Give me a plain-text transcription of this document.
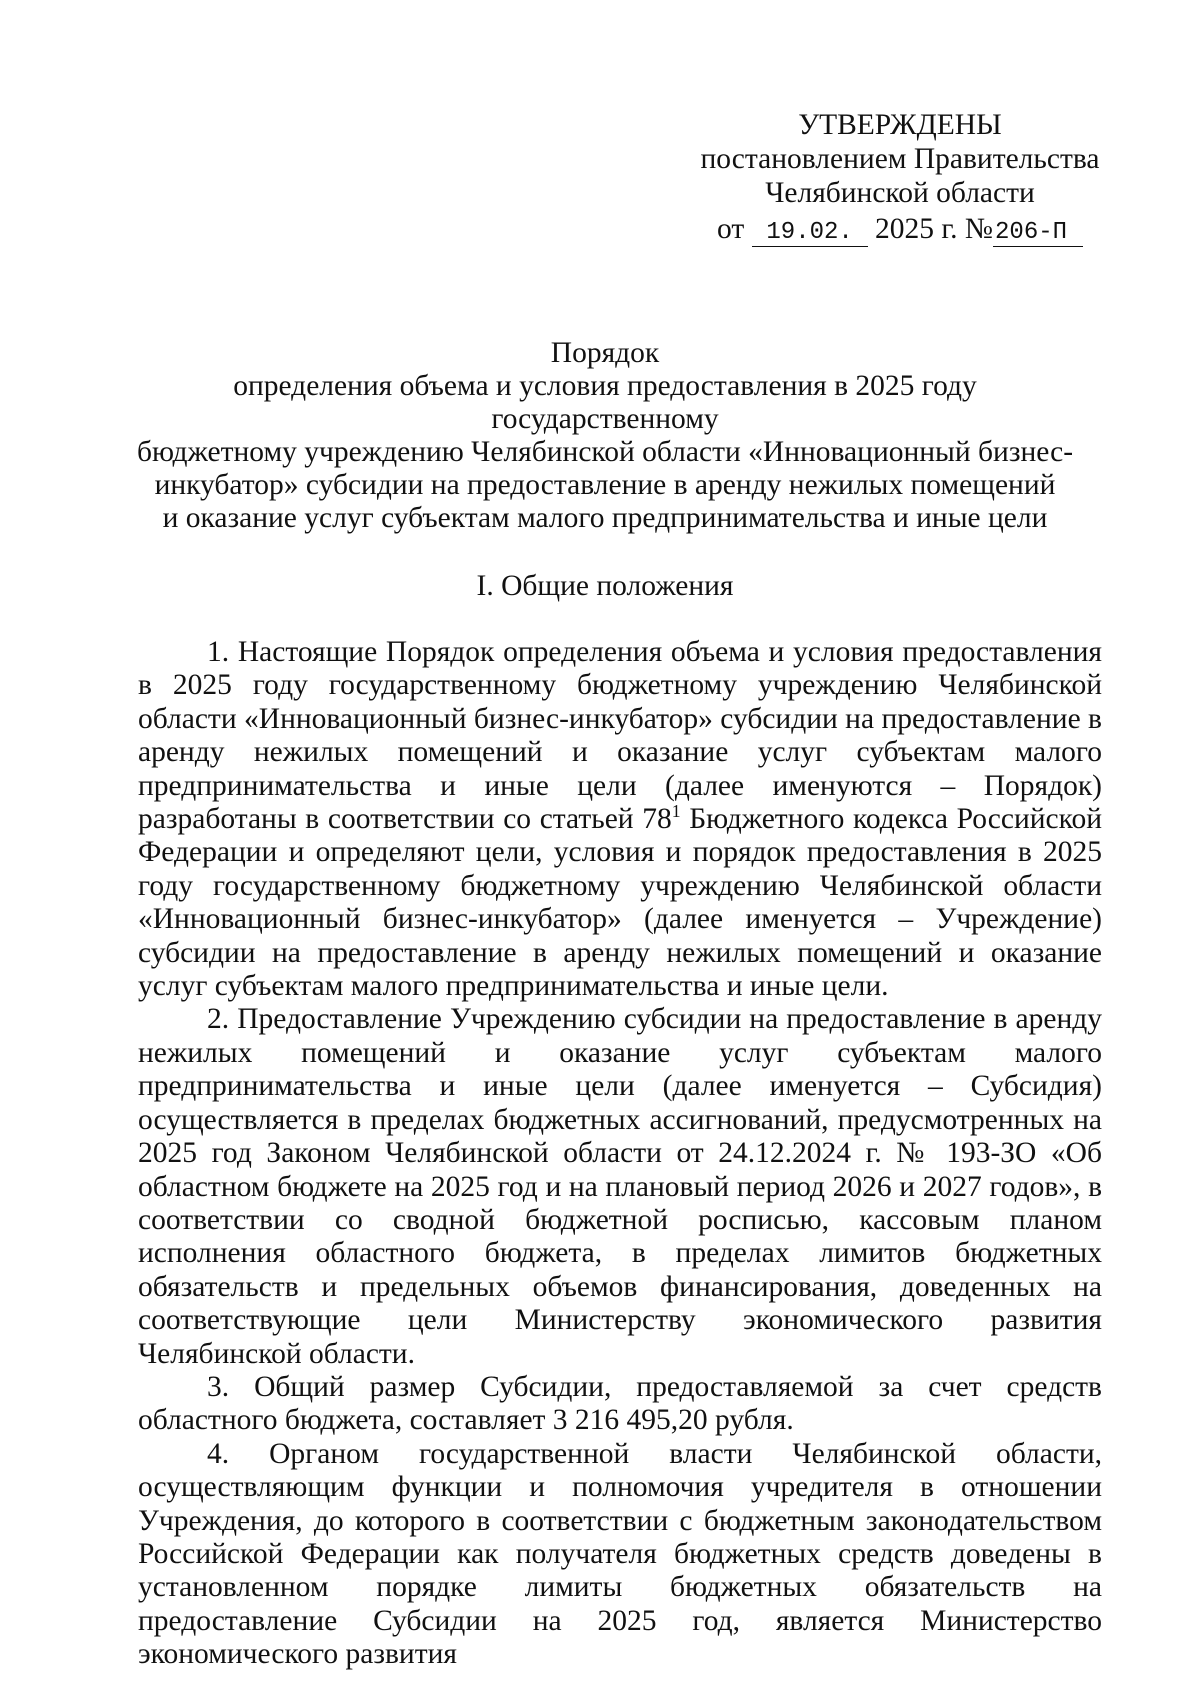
УТВЕРЖДЕНЫ
постановлением Правительства
Челябинской области
от 19.02. 2025 г. №206-П
Порядок
определения объема и условия предоставления в 2025 году государственному
бюджетному учреждению Челябинской области «Инновационный бизнес-
инкубатор» субсидии на предоставление в аренду нежилых помещений
и оказание услуг субъектам малого предпринимательства и иные цели
I. Общие положения

1. Настоящие Порядок определения объема и условия предоставления в 2025 году государственному бюджетному учреждению Челябинской области «Инновационный бизнес-инкубатор» субсидии на предоставление в аренду нежилых помещений и оказание услуг субъектам малого предпринимательства и иные цели (далее именуются – Порядок) разработаны в соответствии со статьей $78^1$ Бюджетного кодекса Российской Федерации и определяют цели, условия и порядок предоставления в 2025 году государственному бюджетному учреждению Челябинской области «Инновационный бизнес-инкубатор» (далее именуется – Учреждение) субсидии на предоставление в аренду нежилых помещений и оказание услуг субъектам малого предпринимательства и иные цели.

2. Предоставление Учреждению субсидии на предоставление в аренду нежилых помещений и оказание услуг субъектам малого предпринимательства и иные цели (далее именуется – Субсидия) осуществляется в пределах бюджетных ассигнований, предусмотренных на 2025 год Законом Челябинской области от 24.12.2024 г. № 193-ЗО «Об областном бюджете на 2025 год и на плановый период 2026 и 2027 годов», в соответствии со сводной бюджетной росписью, кассовым планом исполнения областного бюджета, в пределах лимитов бюджетных обязательств и предельных объемов финансирования, доведенных на соответствующие цели Министерству экономического развития Челябинской области.

3. Общий размер Субсидии, предоставляемой за счет средств областного бюджета, составляет 3 216 495,20 рубля.

4. Органом государственной власти Челябинской области, осуществляющим функции и полномочия учредителя в отношении Учреждения, до которого в соответствии с бюджетным законодательством Российской Федерации как получателя бюджетных средств доведены в установленном порядке лимиты бюджетных обязательств на предоставление Субсидии на 2025 год, является Министерство экономического развития
